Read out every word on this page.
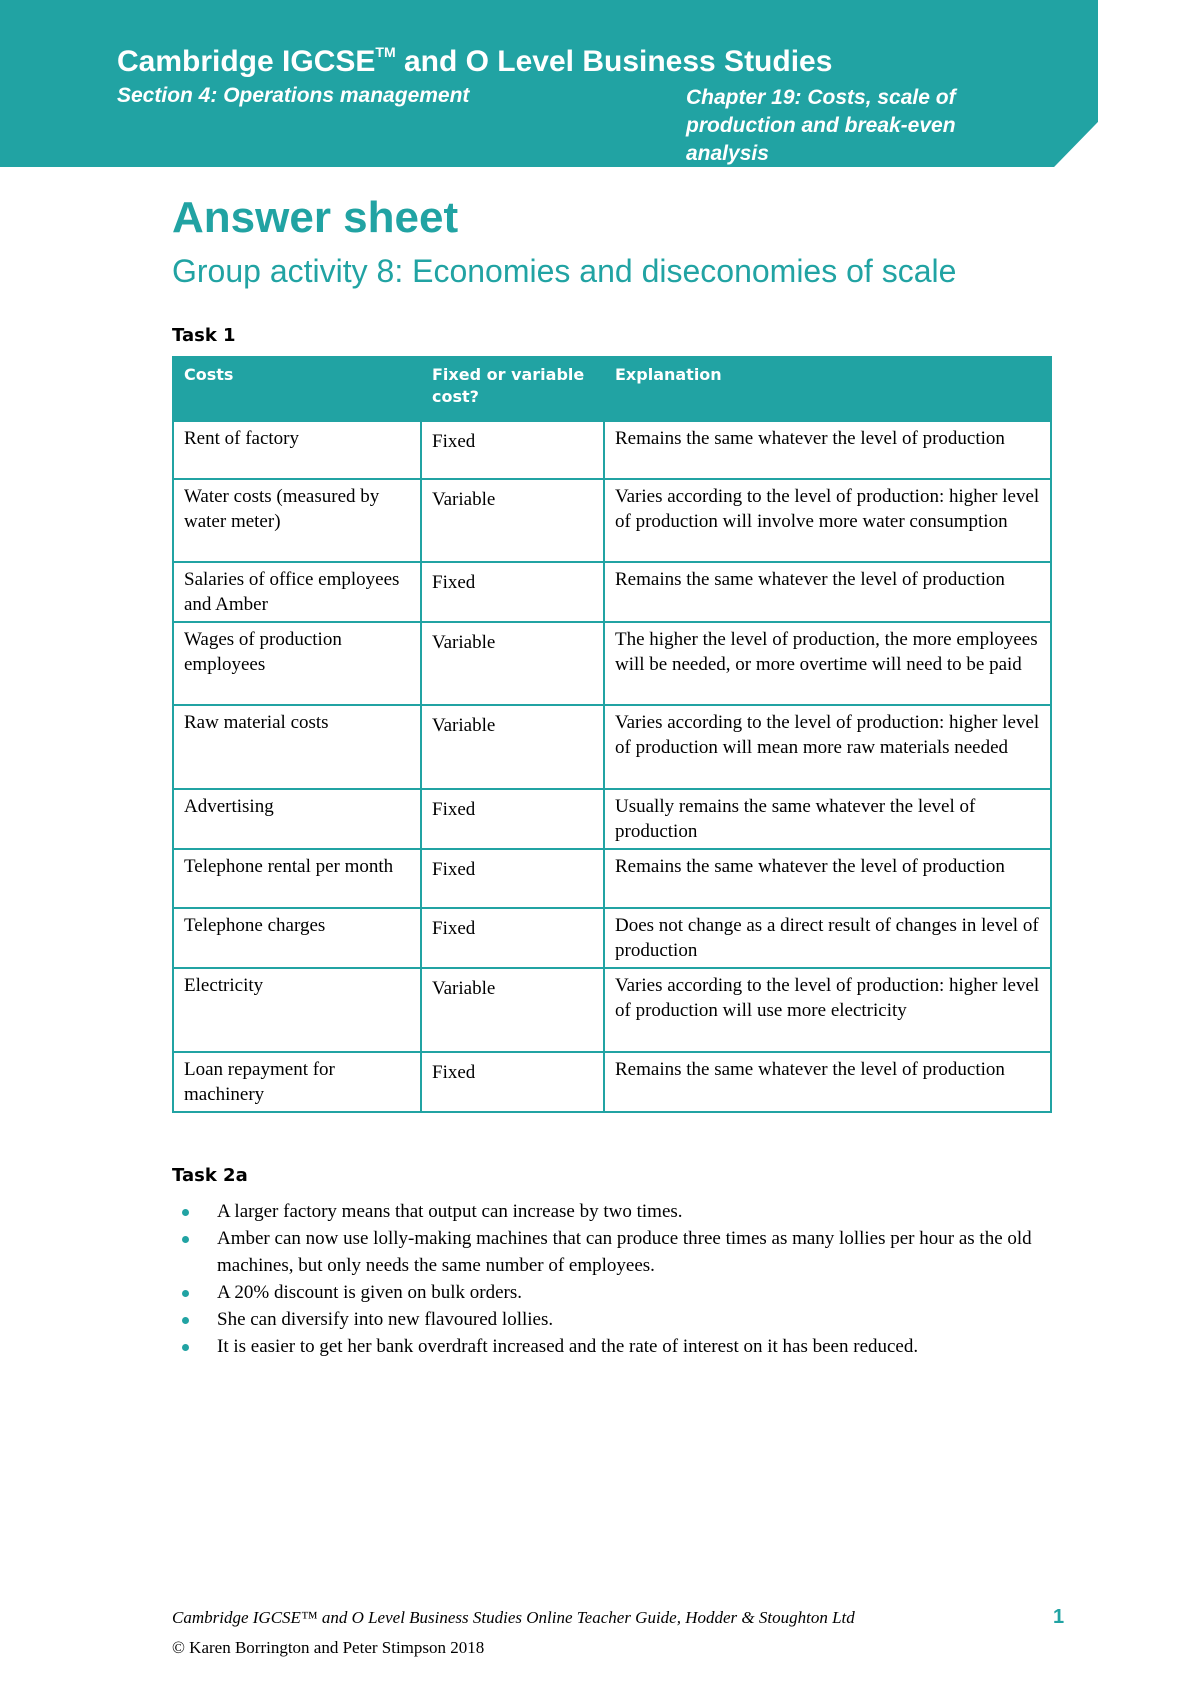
Cambridge IGCSE™ and O Level Business Studies
Section 4: Operations management	Chapter 19: Costs, scale of production and break-even analysis
Answer sheet
Group activity 8: Economies and diseconomies of scale
Task 1
Costs	Fixed or variable cost?	Explanation
Rent of factory	Fixed	Remains the same whatever the level of production
Water costs (measured by water meter)	Variable	Varies according to the level of production: higher level of production will involve more water consumption
Salaries of office employees and Amber	Fixed	Remains the same whatever the level of production
Wages of production employees	Variable	The higher the level of production, the more employees will be needed, or more overtime will need to be paid
Raw material costs	Variable	Varies according to the level of production: higher level of production will mean more raw materials needed
Advertising	Fixed	Usually remains the same whatever the level of production
Telephone rental per month	Fixed	Remains the same whatever the level of production
Telephone charges	Fixed	Does not change as a direct result of changes in level of production
Electricity	Variable	Varies according to the level of production: higher level of production will use more electricity
Loan repayment for machinery	Fixed	Remains the same whatever the level of production
Task 2a
A larger factory means that output can increase by two times.
Amber can now use lolly-making machines that can produce three times as many lollies per hour as the old machines, but only needs the same number of employees.
A 20% discount is given on bulk orders.
She can diversify into new flavoured lollies.
It is easier to get her bank overdraft increased and the rate of interest on it has been reduced.
Cambridge IGCSE™ and O Level Business Studies Online Teacher Guide, Hodder & Stoughton Ltd
© Karen Borrington and Peter Stimpson 2018
1
